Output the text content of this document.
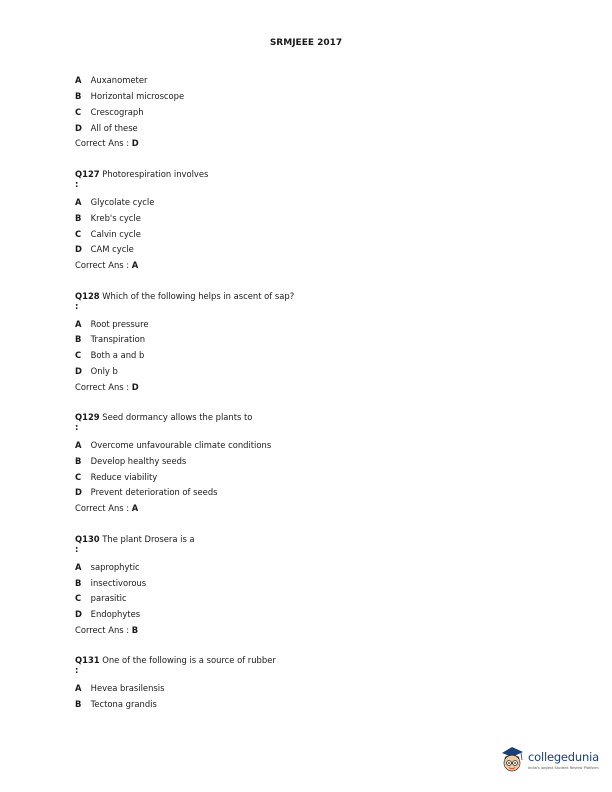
SRMJEEE 2017
A Auxanometer
B Horizontal microscope
C Crescograph
D All of these
Correct Ans : D
Q127 Photorespiration involves
:
A Glycolate cycle
B Kreb's cycle
C Calvin cycle
D CAM cycle
Correct Ans : A
Q128 Which of the following helps in ascent of sap?
:
A Root pressure
B Transpiration
C Both a and b
D Only b
Correct Ans : D
Q129 Seed dormancy allows the plants to
:
A Overcome unfavourable climate conditions
B Develop healthy seeds
C Reduce viability
D Prevent deterioration of seeds
Correct Ans : A
Q130 The plant Drosera is a
:
A saprophytic
B insectivorous
C parasitic
D Endophytes
Correct Ans : B
Q131 One of the following is a source of rubber
:
A Hevea brasilensis
B Tectona grandis
collegedunia
India's largest Student Review Platform
